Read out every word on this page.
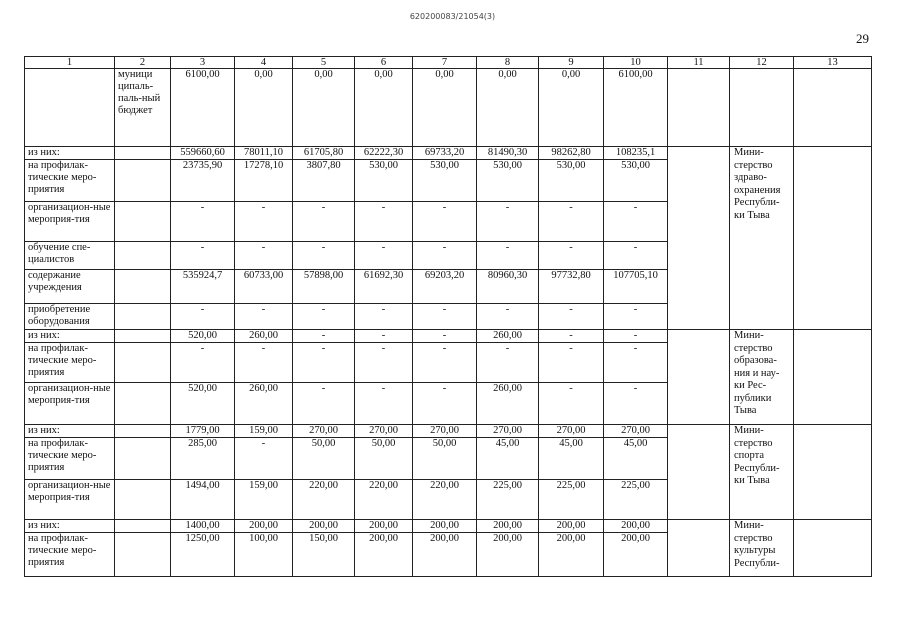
620200083/21054(3)
29
1	2	3	4	5	6	7	8	9	10	11	12	13
	муници ципаль-паль-ный бюджет	6100,00	0,00	0,00	0,00	0,00	0,00	0,00	6100,00			
из них:		559660,60	78011,10	61705,80	62222,30	69733,20	81490,30	98262,80	108235,1		Мини-стерство здраво-охранения Республи-ки Тыва	
на профилак-тические меро-приятия		23735,90	17278,10	3807,80	530,00	530,00	530,00	530,00	530,00			
организацион-ные мероприя-тия		-	-	-	-	-	-	-	-			
обучение спе-циалистов		-	-	-	-	-	-	-	-			
содержание учреждения		535924,7	60733,00	57898,00	61692,30	69203,20	80960,30	97732,80	107705,10			
приобретение оборудования		-	-	-	-	-	-	-	-			
из них:		520,00	260,00	-	-	-	260,00	-	-		Мини-стерство образова-ния и нау-ки Рес-публики Тыва	
на профилак-тические меро-приятия		-	-	-	-	-	-	-	-			
организацион-ные мероприя-тия		520,00	260,00	-	-	-	260,00	-	-			
из них:		1779,00	159,00	270,00	270,00	270,00	270,00	270,00	270,00		Мини-стерство спорта Республи-ки Тыва	
на профилак-тические меро-приятия		285,00	-	50,00	50,00	50,00	45,00	45,00	45,00			
организацион-ные мероприя-тия		1494,00	159,00	220,00	220,00	220,00	225,00	225,00	225,00			
из них:		1400,00	200,00	200,00	200,00	200,00	200,00	200,00	200,00		Мини-стерство культуры Республи-	
на профилак-тические меро-приятия		1250,00	100,00	150,00	200,00	200,00	200,00	200,00	200,00			
